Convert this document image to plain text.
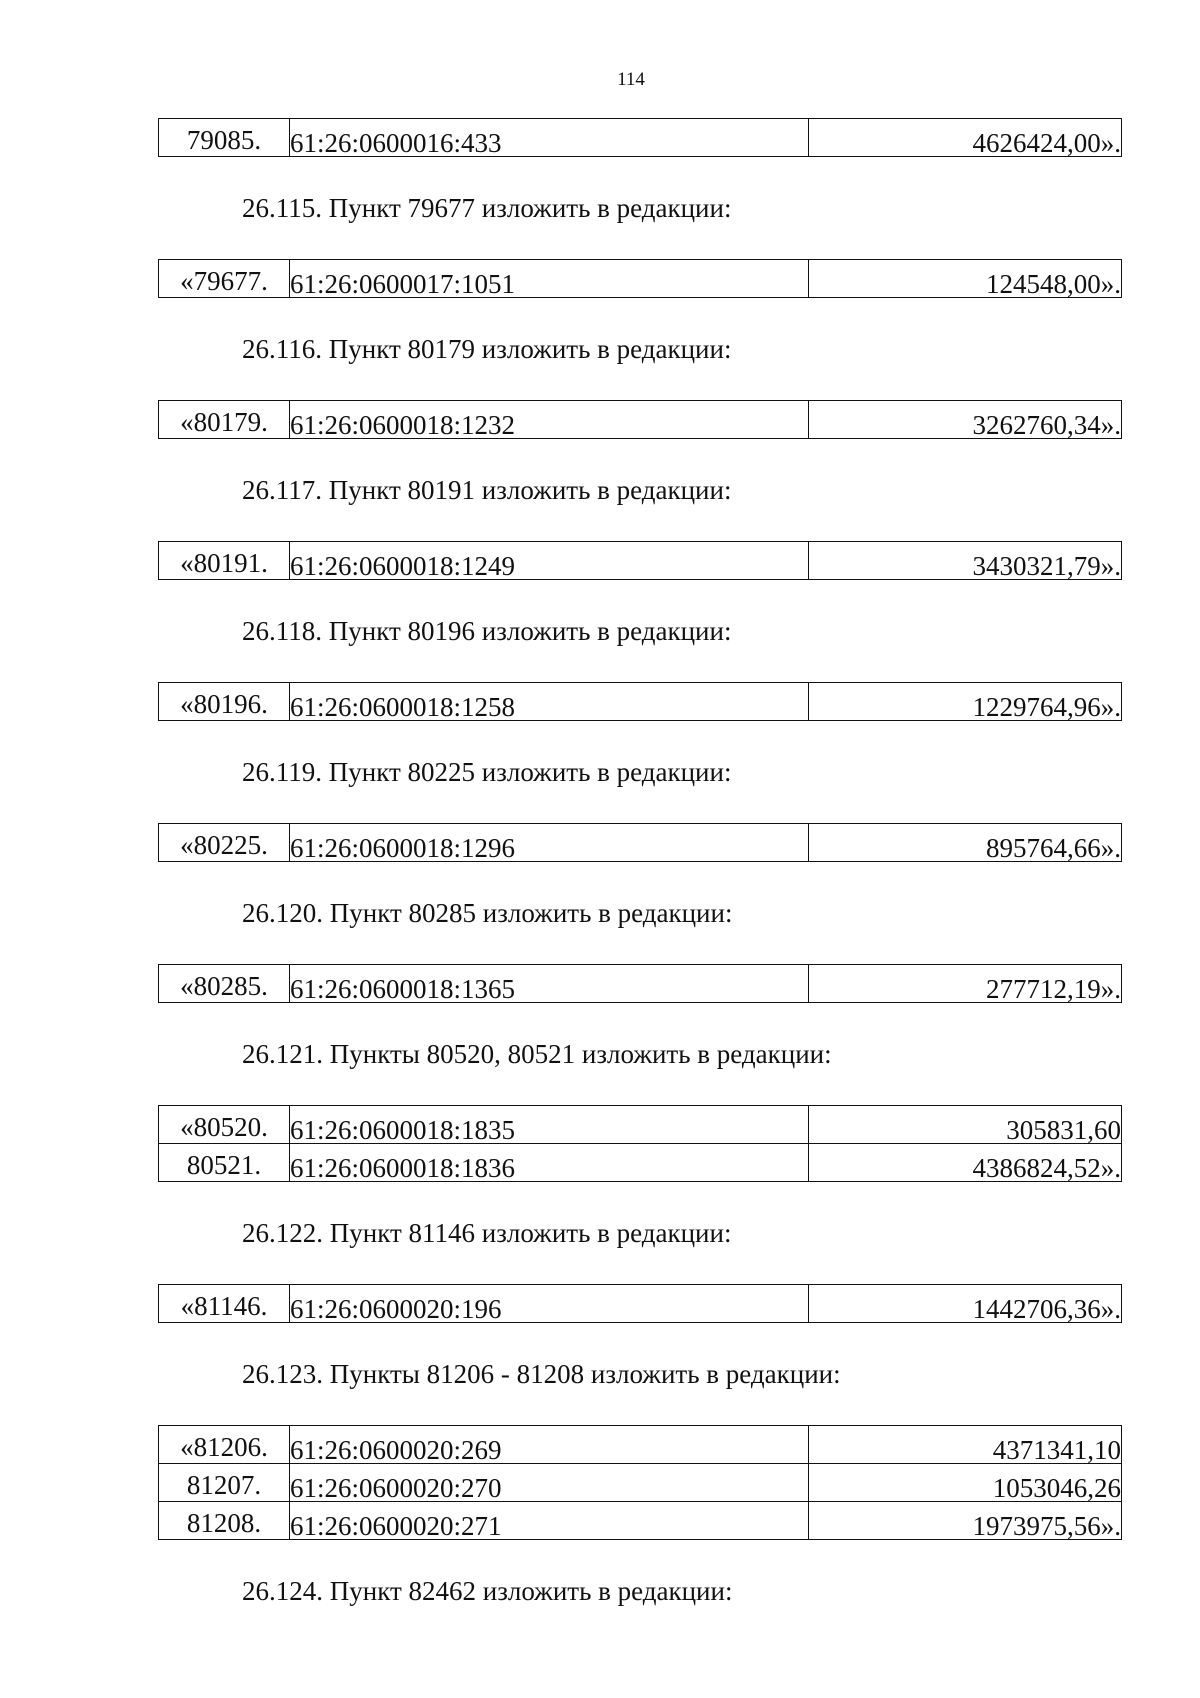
114
79085.	61:26:0600016:433	4626424,00».

26.115. Пункт 79677 изложить в редакции:

«79677.	61:26:0600017:1051	124548,00».

26.116. Пункт 80179 изложить в редакции:

«80179.	61:26:0600018:1232	3262760,34».

26.117. Пункт 80191 изложить в редакции:

«80191.	61:26:0600018:1249	3430321,79».

26.118. Пункт 80196 изложить в редакции:

«80196.	61:26:0600018:1258	1229764,96».

26.119. Пункт 80225 изложить в редакции:

«80225.	61:26:0600018:1296	895764,66».

26.120. Пункт 80285 изложить в редакции:

«80285.	61:26:0600018:1365	277712,19».

26.121. Пункты 80520, 80521 изложить в редакции:

«80520.	61:26:0600018:1835	305831,60

80521.	61:26:0600018:1836	4386824,52».

26.122. Пункт 81146 изложить в редакции:

«81146.	61:26:0600020:196	1442706,36».

26.123. Пункты 81206 - 81208 изложить в редакции:

«81206.	61:26:0600020:269	4371341,10

81207.	61:26:0600020:270	1053046,26

81208.	61:26:0600020:271	1973975,56».

26.124. Пункт 82462 изложить в редакции:
